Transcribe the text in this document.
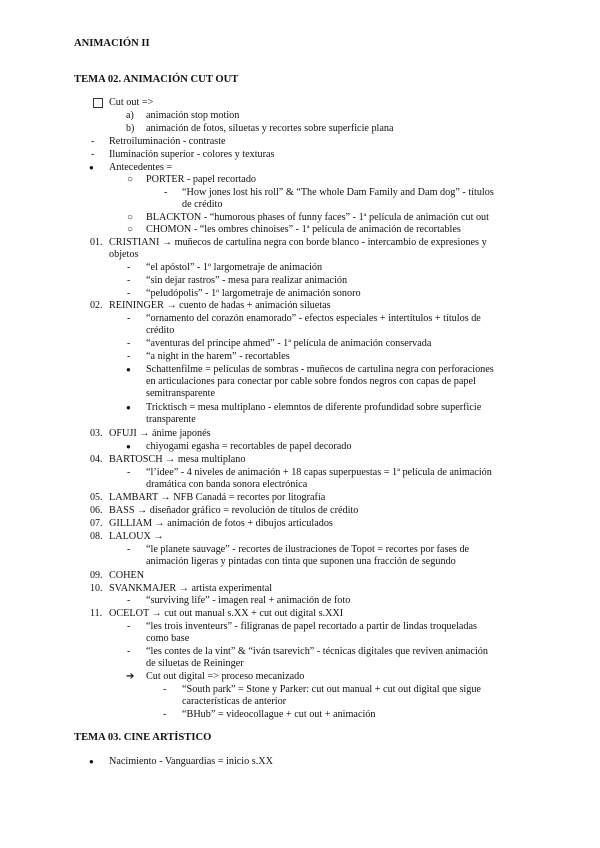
ANIMACIÓN II
TEMA 02. ANIMACIÓN CUT OUT
Cut out =>
a) animación stop motion
b) animación de fotos, siluetas y recortes sobre superficie plana
- Retroiluminación - contraste
- Iluminación superior - colores y texturas
● Antecedentes =
○ PORTER - papel recortado
- “How jones lost his roll” & “The whole Dam Family and Dam dog” - títulos
de crédito
○ BLACKTON - “humorous phases of funny faces” - 1ª película de animación cut out
○ CHOMON - “les ombres chinoises” - 1ª película de animación de recortables
01. CRISTIANI → muñecos de cartulina negra con borde blanco - intercambio de expresiones y
objetos
- “el apóstol” - 1º largometraje de animación
- “sin dejar rastros” - mesa para realizar animación
- “peludópolis” - 1º largometraje de animación sonoro
02. REININGER → cuento de hadas + animación siluetas
- “ornamento del corazón enamorado” - efectos especiales + intertítulos + títulos de
crédito
- “aventuras del príncipe ahmed” - 1ª película de animación conservada
- “a night in the harem” - recortables
● Schattenfilme = películas de sombras - muñecos de cartulina negra con perforaciones
en articulaciones para conectar por cable sobre fondos negros con capas de papel
semitransparente
● Tricktisch = mesa multiplano - elemntos de diferente profundidad sobre superficie
transparente
03. OFUJI → ánime japonés
● chiyogami egasha = recortables de papel decorado
04. BARTOSCH → mesa multiplano
- “l’idee” - 4 niveles de animación + 18 capas superpuestas = 1ª película de animación
dramática con banda sonora electrónica
05. LAMBART → NFB Canadá = recortes por litografía
06. BASS → diseñador gráfico = revolución de títulos de crédito
07. GILLIAM → animación de fotos + dibujos articulados
08. LALOUX →
- “le planete sauvage” - recortes de ilustraciones de Topot = recortes por fases de
animación ligeras y pintadas con tinta que suponen una fracción de segundo
09. COHEN
10. SVANKMAJER → artista experimental
- “surviving life” - imagen real + animación de foto
11. OCELOT → cut out manual s.XX + cut out digital s.XXI
- “les trois inventeurs” - filigranas de papel recortado a partir de lindas troqueladas
como base
- “les contes de la vint” & “iván tsarevich” - técnicas digitales que reviven animación
de siluetas de Reininger
➔ Cut out digital => proceso mecanizado
- “South park” = Stone y Parker: cut out manual + cut out digital que sigue
características de anterior
- “BHub” = videocollague + cut out + animación
TEMA 03. CINE ARTÍSTICO
● Nacimiento - Vanguardias = inicio s.XX
